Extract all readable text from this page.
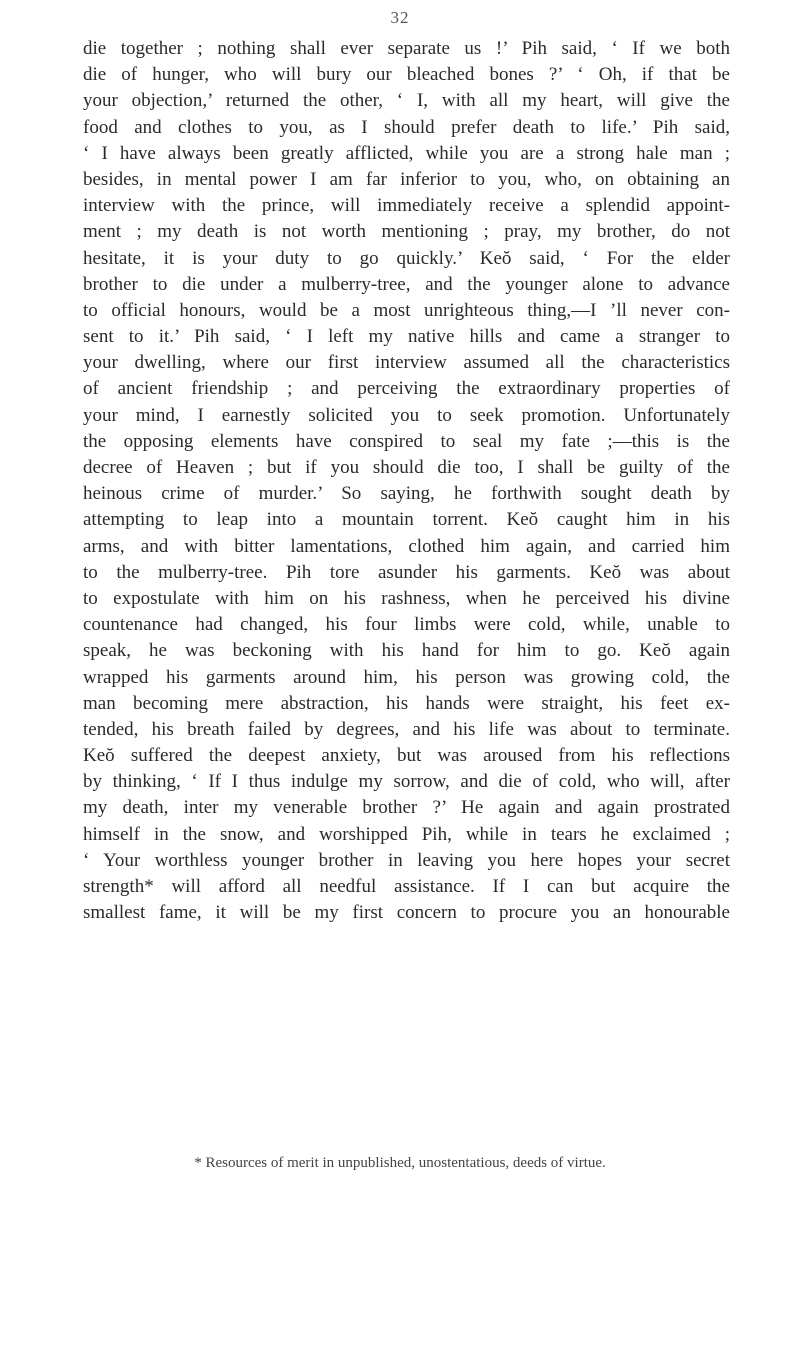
32
die together ; nothing shall ever separate us !’ Pih said, ‘ If we both
die of hunger, who will bury our bleached bones ?’ ‘ Oh, if that be
your objection,’ returned the other, ‘ I, with all my heart, will give the
food and clothes to you, as I should prefer death to life.’ Pih said,
‘ I have always been greatly afflicted, while you are a strong hale man ;
besides, in mental power I am far inferior to you, who, on obtaining an
interview with the prince, will immediately receive a splendid appoint-
ment ; my death is not worth mentioning ; pray, my brother, do not
hesitate, it is your duty to go quickly.’ Keŏ said, ‘ For the elder
brother to die under a mulberry-tree, and the younger alone to advance
to official honours, would be a most unrighteous thing,—I ’ll never con-
sent to it.’ Pih said, ‘ I left my native hills and came a stranger to
your dwelling, where our first interview assumed all the characteristics
of ancient friendship ; and perceiving the extraordinary properties of
your mind, I earnestly solicited you to seek promotion. Unfortunately
the opposing elements have conspired to seal my fate ;—this is the
decree of Heaven ; but if you should die too, I shall be guilty of the
heinous crime of murder.’ So saying, he forthwith sought death by
attempting to leap into a mountain torrent. Keŏ caught him in his
arms, and with bitter lamentations, clothed him again, and carried him
to the mulberry-tree. Pih tore asunder his garments. Keŏ was about
to expostulate with him on his rashness, when he perceived his divine
countenance had changed, his four limbs were cold, while, unable to
speak, he was beckoning with his hand for him to go. Keŏ again
wrapped his garments around him, his person was growing cold, the
man becoming mere abstraction, his hands were straight, his feet ex-
tended, his breath failed by degrees, and his life was about to terminate.
Keŏ suffered the deepest anxiety, but was aroused from his reflections
by thinking, ‘ If I thus indulge my sorrow, and die of cold, who will, after
my death, inter my venerable brother ?’ He again and again prostrated
himself in the snow, and worshipped Pih, while in tears he exclaimed ;
‘ Your worthless younger brother in leaving you here hopes your secret
strength* will afford all needful assistance. If I can but acquire the
smallest fame, it will be my first concern to procure you an honourable
* Resources of merit in unpublished, unostentatious, deeds of virtue.
